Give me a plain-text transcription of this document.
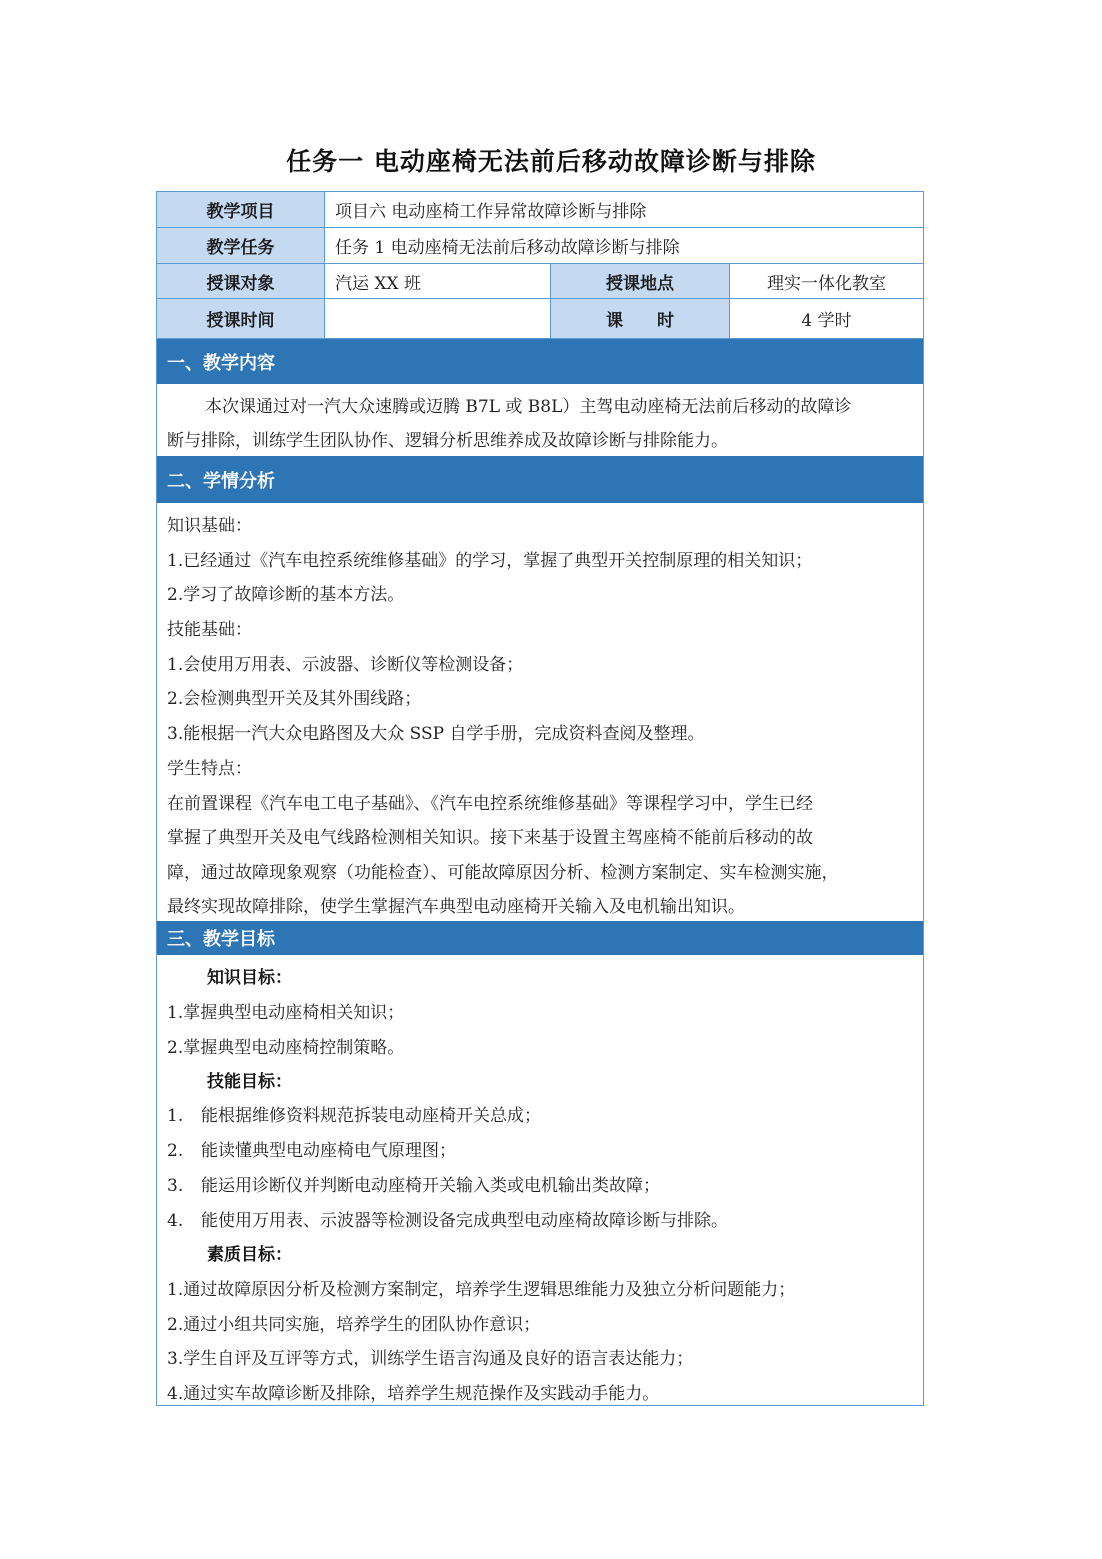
任务一 电动座椅无法前后移动故障诊断与排除
教学项目	项目六 电动座椅工作异常故障诊断与排除		
教学任务	任务 1 电动座椅无法前后移动故障诊断与排除		
授课对象	汽运 XX 班	授课地点	理实一体化教室
授课时间		课　　时	4 学时
一、教学内容
本次课通过对一汽大众速腾或迈腾 B7L 或 B8L）主驾电动座椅无法前后移动的故障诊
断与排除，训练学生团队协作、逻辑分析思维养成及故障诊断与排除能力。
二、学情分析
知识基础：
1.已经通过《汽车电控系统维修基础》的学习，掌握了典型开关控制原理的相关知识；
2.学习了故障诊断的基本方法。
技能基础：
1.会使用万用表、示波器、诊断仪等检测设备；
2.会检测典型开关及其外围线路；
3.能根据一汽大众电路图及大众 SSP 自学手册，完成资料查阅及整理。
学生特点：
在前置课程《汽车电工电子基础》、《汽车电控系统维修基础》等课程学习中，学生已经
掌握了典型开关及电气线路检测相关知识。接下来基于设置主驾座椅不能前后移动的故
障，通过故障现象观察（功能检查）、可能故障原因分析、检测方案制定、实车检测实施，
最终实现故障排除，使学生掌握汽车典型电动座椅开关输入及电机输出知识。
三、教学目标
知识目标：
1.掌握典型电动座椅相关知识；
2.掌握典型电动座椅控制策略。
技能目标：
1. 能根据维修资料规范拆装电动座椅开关总成；
2. 能读懂典型电动座椅电气原理图；
3. 能运用诊断仪并判断电动座椅开关输入类或电机输出类故障；
4. 能使用万用表、示波器等检测设备完成典型电动座椅故障诊断与排除。
素质目标：
1.通过故障原因分析及检测方案制定，培养学生逻辑思维能力及独立分析问题能力；
2.通过小组共同实施，培养学生的团队协作意识；
3.学生自评及互评等方式，训练学生语言沟通及良好的语言表达能力；
4.通过实车故障诊断及排除，培养学生规范操作及实践动手能力。
